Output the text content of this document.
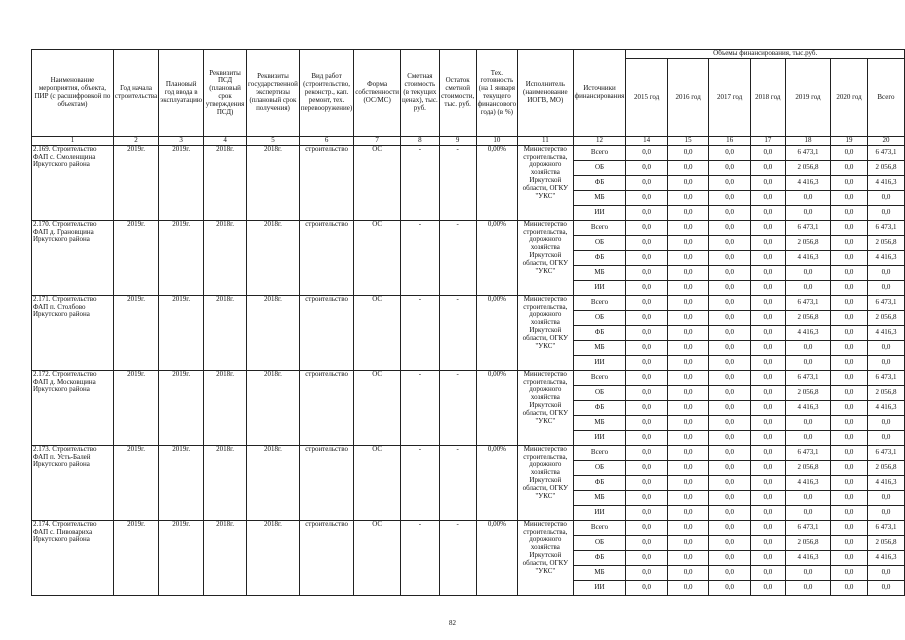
Наименование мероприятия, объекта, ПИР (с расшифровкой по объектам)	Год начала строительства	Плановый год ввода в эксплуатацию	Реквизиты ПСД (плановый срок утверждения ПСД)	Реквизиты государственной экспертизы (плановый срок получения)	Вид работ (строительство, реконстр., кап. ремонт, тех. перевооружение)	Форма собственности (ОС/МС)	Сметная стоимость (в текущих ценах), тыс. руб.	Остаток сметной стоимости, тыс. руб.	Тех. готовность (на 1 января текущего финансового года) (в %)	Исполнитель (наименование ИОГВ, МО)	Источники финансирования	Объемы финансирования, тыс.руб.						
												2015 год	2016 год	2017 год	2018 год	2019 год	2020 год	Всего
1	2	3	4	5	6	7	8	9	10	11	12	14	15	16	17	18	19	20
2.169. Строительство ФАП с. Смоленщина Иркутского района	2019г.	2019г.	2018г.	2018г.	строительство	ОС	-	-	0,00%	Министерство строительства, дорожного хозяйства Иркутской области, ОГКУ "УКС"	Всего	0,0	0,0	0,0	0,0	6 473,1	0,0	6 473,1
											ОБ	0,0	0,0	0,0	0,0	2 056,8	0,0	2 056,8
											ФБ	0,0	0,0	0,0	0,0	4 416,3	0,0	4 416,3
											МБ	0,0	0,0	0,0	0,0	0,0	0,0	0,0
											ИИ	0,0	0,0	0,0	0,0	0,0	0,0	0,0
2.170. Строительство ФАП д. Грановщина Иркутского района	2019г.	2019г.	2018г.	2018г.	строительство	ОС	-	-	0,00%	Министерство строительства, дорожного хозяйства Иркутской области, ОГКУ "УКС"	Всего	0,0	0,0	0,0	0,0	6 473,1	0,0	6 473,1
											ОБ	0,0	0,0	0,0	0,0	2 056,8	0,0	2 056,8
											ФБ	0,0	0,0	0,0	0,0	4 416,3	0,0	4 416,3
											МБ	0,0	0,0	0,0	0,0	0,0	0,0	0,0
											ИИ	0,0	0,0	0,0	0,0	0,0	0,0	0,0
2.171. Строительство ФАП п. Столбово Иркутского района	2019г.	2019г.	2018г.	2018г.	строительство	ОС	-	-	0,00%	Министерство строительства, дорожного хозяйства Иркутской области, ОГКУ "УКС"	Всего	0,0	0,0	0,0	0,0	6 473,1	0,0	6 473,1
											ОБ	0,0	0,0	0,0	0,0	2 056,8	0,0	2 056,8
											ФБ	0,0	0,0	0,0	0,0	4 416,3	0,0	4 416,3
											МБ	0,0	0,0	0,0	0,0	0,0	0,0	0,0
											ИИ	0,0	0,0	0,0	0,0	0,0	0,0	0,0
2.172. Строительство ФАП д. Московщина Иркутского района	2019г.	2019г.	2018г.	2018г.	строительство	ОС	-	-	0,00%	Министерство строительства, дорожного хозяйства Иркутской области, ОГКУ "УКС"	Всего	0,0	0,0	0,0	0,0	6 473,1	0,0	6 473,1
											ОБ	0,0	0,0	0,0	0,0	2 056,8	0,0	2 056,8
											ФБ	0,0	0,0	0,0	0,0	4 416,3	0,0	4 416,3
											МБ	0,0	0,0	0,0	0,0	0,0	0,0	0,0
											ИИ	0,0	0,0	0,0	0,0	0,0	0,0	0,0
2.173. Строительство ФАП п. Усть-Балей Иркутского района	2019г.	2019г.	2018г.	2018г.	строительство	ОС	-	-	0,00%	Министерство строительства, дорожного хозяйства Иркутской области, ОГКУ "УКС"	Всего	0,0	0,0	0,0	0,0	6 473,1	0,0	6 473,1
											ОБ	0,0	0,0	0,0	0,0	2 056,8	0,0	2 056,8
											ФБ	0,0	0,0	0,0	0,0	4 416,3	0,0	4 416,3
											МБ	0,0	0,0	0,0	0,0	0,0	0,0	0,0
											ИИ	0,0	0,0	0,0	0,0	0,0	0,0	0,0
2.174. Строительство ФАП с. Пивовариха Иркутского района	2019г.	2019г.	2018г.	2018г.	строительство	ОС	-	-	0,00%	Министерство строительства, дорожного хозяйства Иркутской области, ОГКУ "УКС"	Всего	0,0	0,0	0,0	0,0	6 473,1	0,0	6 473,1
											ОБ	0,0	0,0	0,0	0,0	2 056,8	0,0	2 056,8
											ФБ	0,0	0,0	0,0	0,0	4 416,3	0,0	4 416,3
											МБ	0,0	0,0	0,0	0,0	0,0	0,0	0,0
											ИИ	0,0	0,0	0,0	0,0	0,0	0,0	0,0
82
